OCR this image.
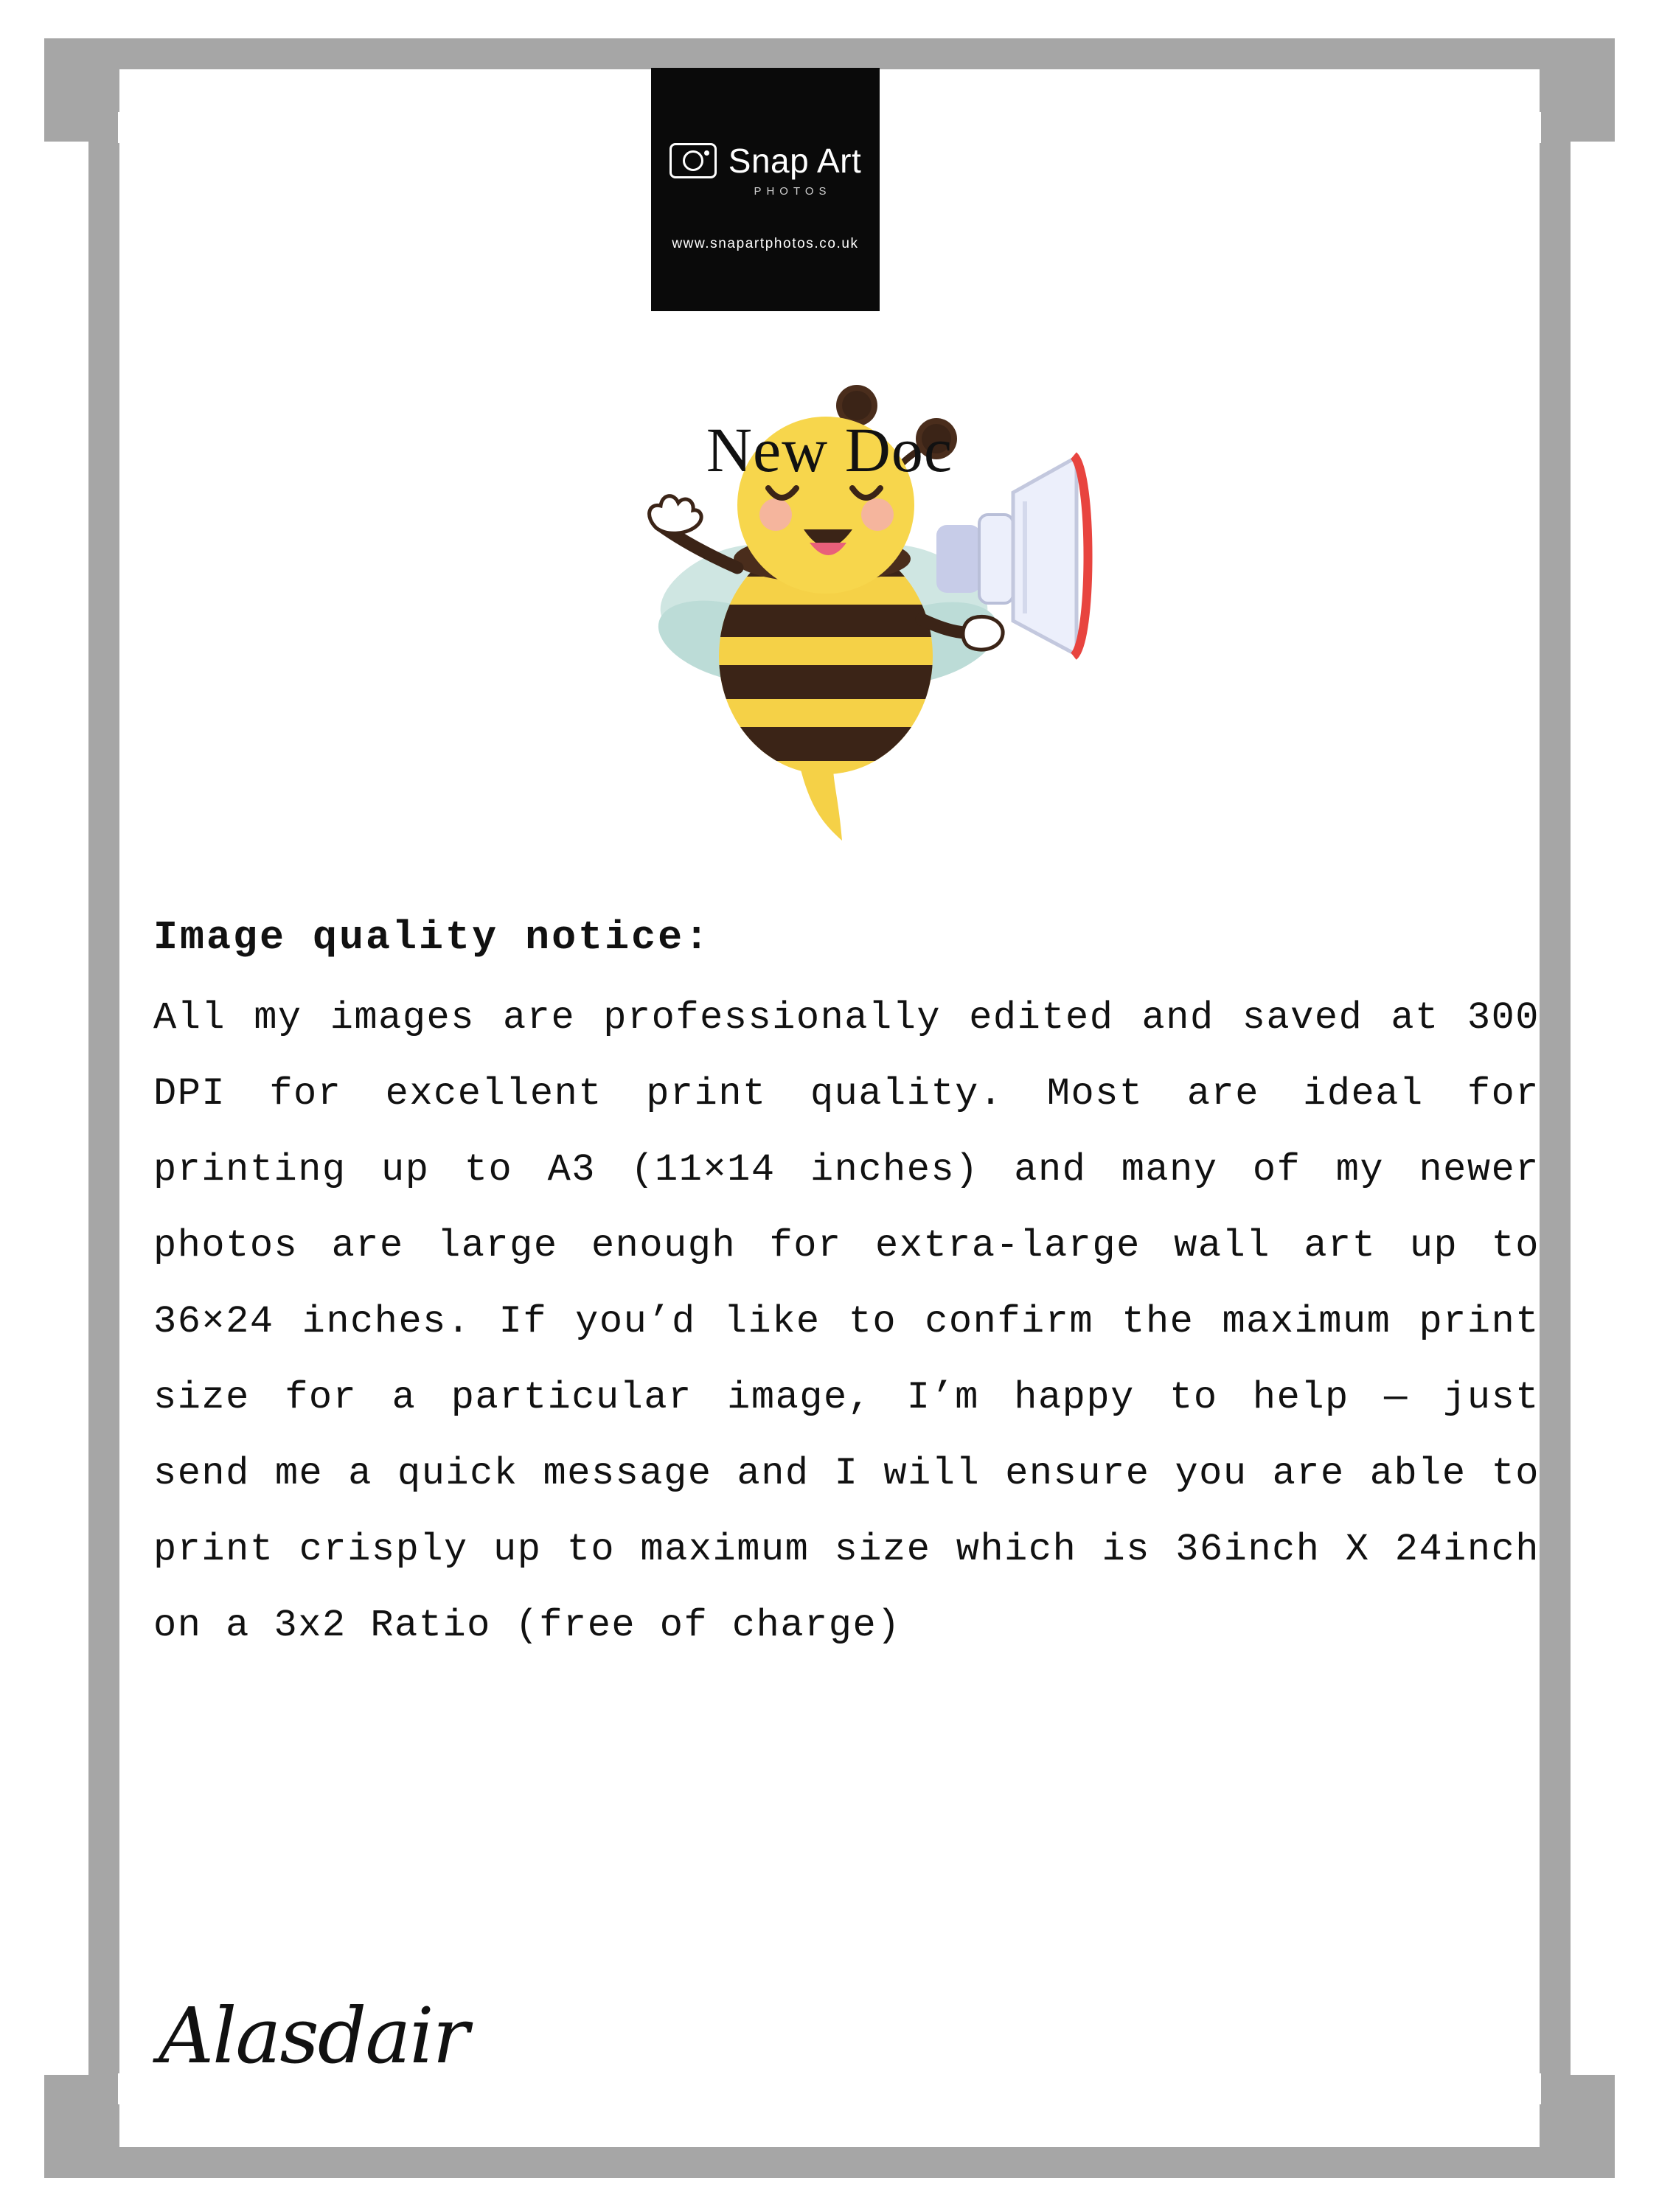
Snap Art
PHOTOS
www.snapartphotos.co.uk
New Doc
Image quality notice:

All my images are professionally edited and saved at 300 DPI for excellent print quality. Most are ideal for printing up to A3 (11×14 inches) and many of my newer photos are large enough for extra-large wall art up to 36×24 inches. If you’d like to confirm the maximum print size for a particular image, I’m happy to help — just send me a quick message and I will ensure you are able to print crisply up to maximum size which is 36inch X 24inch on a 3x2 Ratio (free of charge)

Alasdair
